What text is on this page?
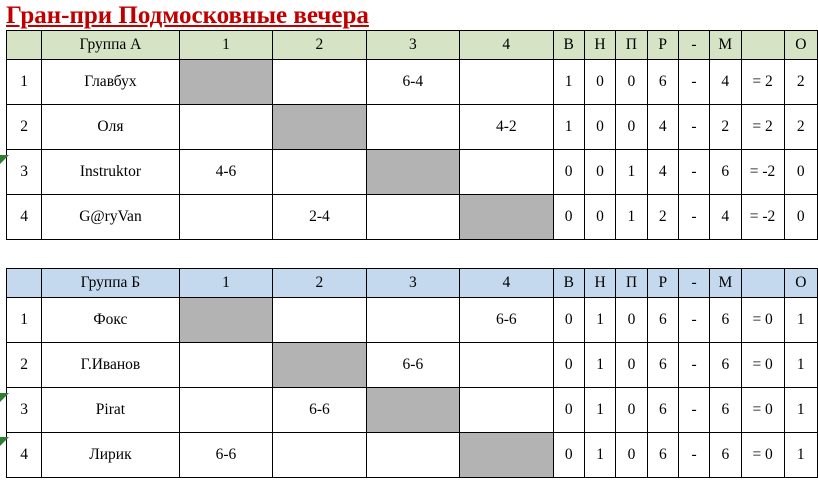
Гран-при Подмосковные вечера
	Группа А	1	2	3	4	В	Н	П	Р	-	М		О
1	Главбух			6-4		1	0	0	6	-	4	= 2	2
2	Оля				4-2	1	0	0	4	-	2	= 2	2
3	Instruktor	4-6				0	0	1	4	-	6	= -2	0
4	G@ryVan		2-4			0	0	1	2	-	4	= -2	0
	Группа Б	1	2	3	4	В	Н	П	Р	-	М		О
1	Фокс				6-6	0	1	0	6	-	6	= 0	1
2	Г.Иванов			6-6		0	1	0	6	-	6	= 0	1
3	Pirat		6-6			0	1	0	6	-	6	= 0	1
4	Лирик	6-6				0	1	0	6	-	6	= 0	1
